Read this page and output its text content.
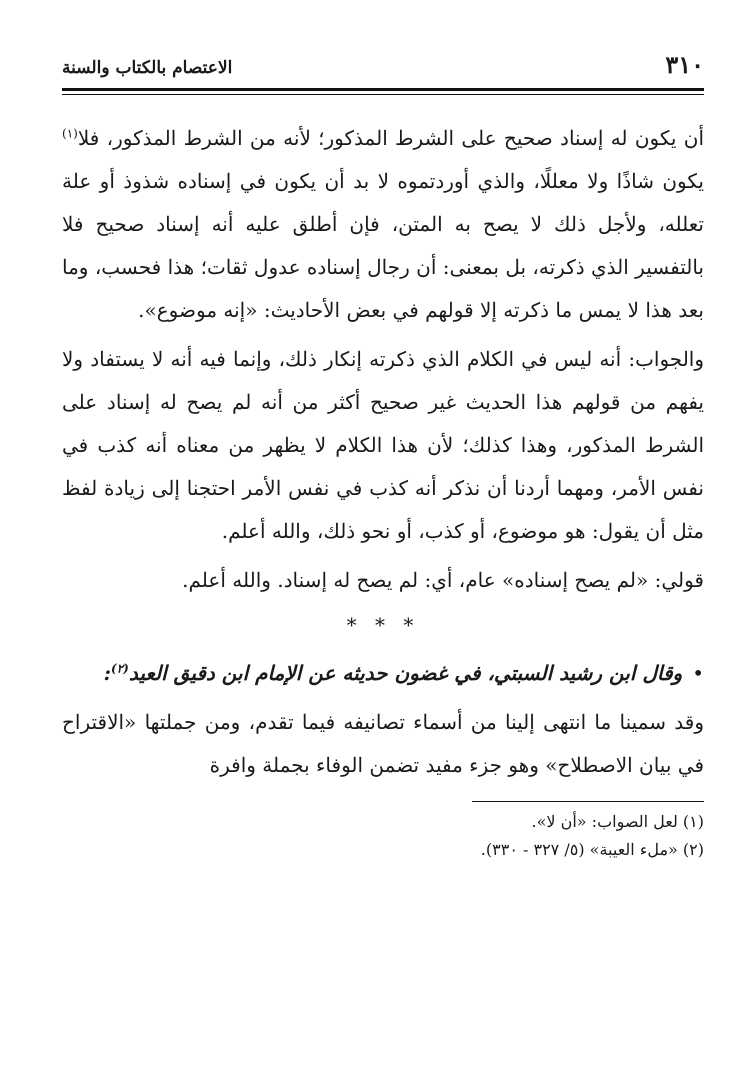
٣١٠
الاعتصام بالكتاب والسنة

أن يكون له إسناد صحيح على الشرط المذكور؛ لأنه من الشرط المذكور، فلا$^{(١)}$ يكون شاذًا ولا معللًا، والذي أوردتموه لا بد أن يكون في إسناده شذوذ أو علة تعلله، ولأجل ذلك لا يصح به المتن، فإن أطلق عليه أنه إسناد صحيح فلا بالتفسير الذي ذكرته، بل بمعنى: أن رجال إسناده عدول ثقات؛ هذا فحسب، وما بعد هذا لا يمس ما ذكرته إلا قولهم في بعض الأحاديث: «إنه موضوع».

والجواب: أنه ليس في الكلام الذي ذكرته إنكار ذلك، وإنما فيه أنه لا يستفاد ولا يفهم من قولهم هذا الحديث غير صحيح أكثر من أنه لم يصح له إسناد على الشرط المذكور، وهذا كذلك؛ لأن هذا الكلام لا يظهر من معناه أنه كذب في نفس الأمر، ومهما أردنا أن نذكر أنه كذب في نفس الأمر احتجنا إلى زيادة لفظ مثل أن يقول: هو موضوع، أو كذب، أو نحو ذلك، والله أعلم.

قولي: «لم يصح إسناده» عام، أي: لم يصح له إسناد. والله أعلم.

* * *
•
وقال ابن رشيد السبتي، في غضون حديثه عن الإمام ابن دقيق العيد$^{(٢)}$:

وقد سمينا ما انتهى إلينا من أسماء تصانيفه فيما تقدم، ومن جملتها «الاقتراح في بيان الاصطلاح» وهو جزء مفيد تضمن الوفاء بجملة وافرة

(١) لعل الصواب: «أن لا».

(٢) «ملء العيبة» (٥/ ٣٢٧ - ٣٣٠).
